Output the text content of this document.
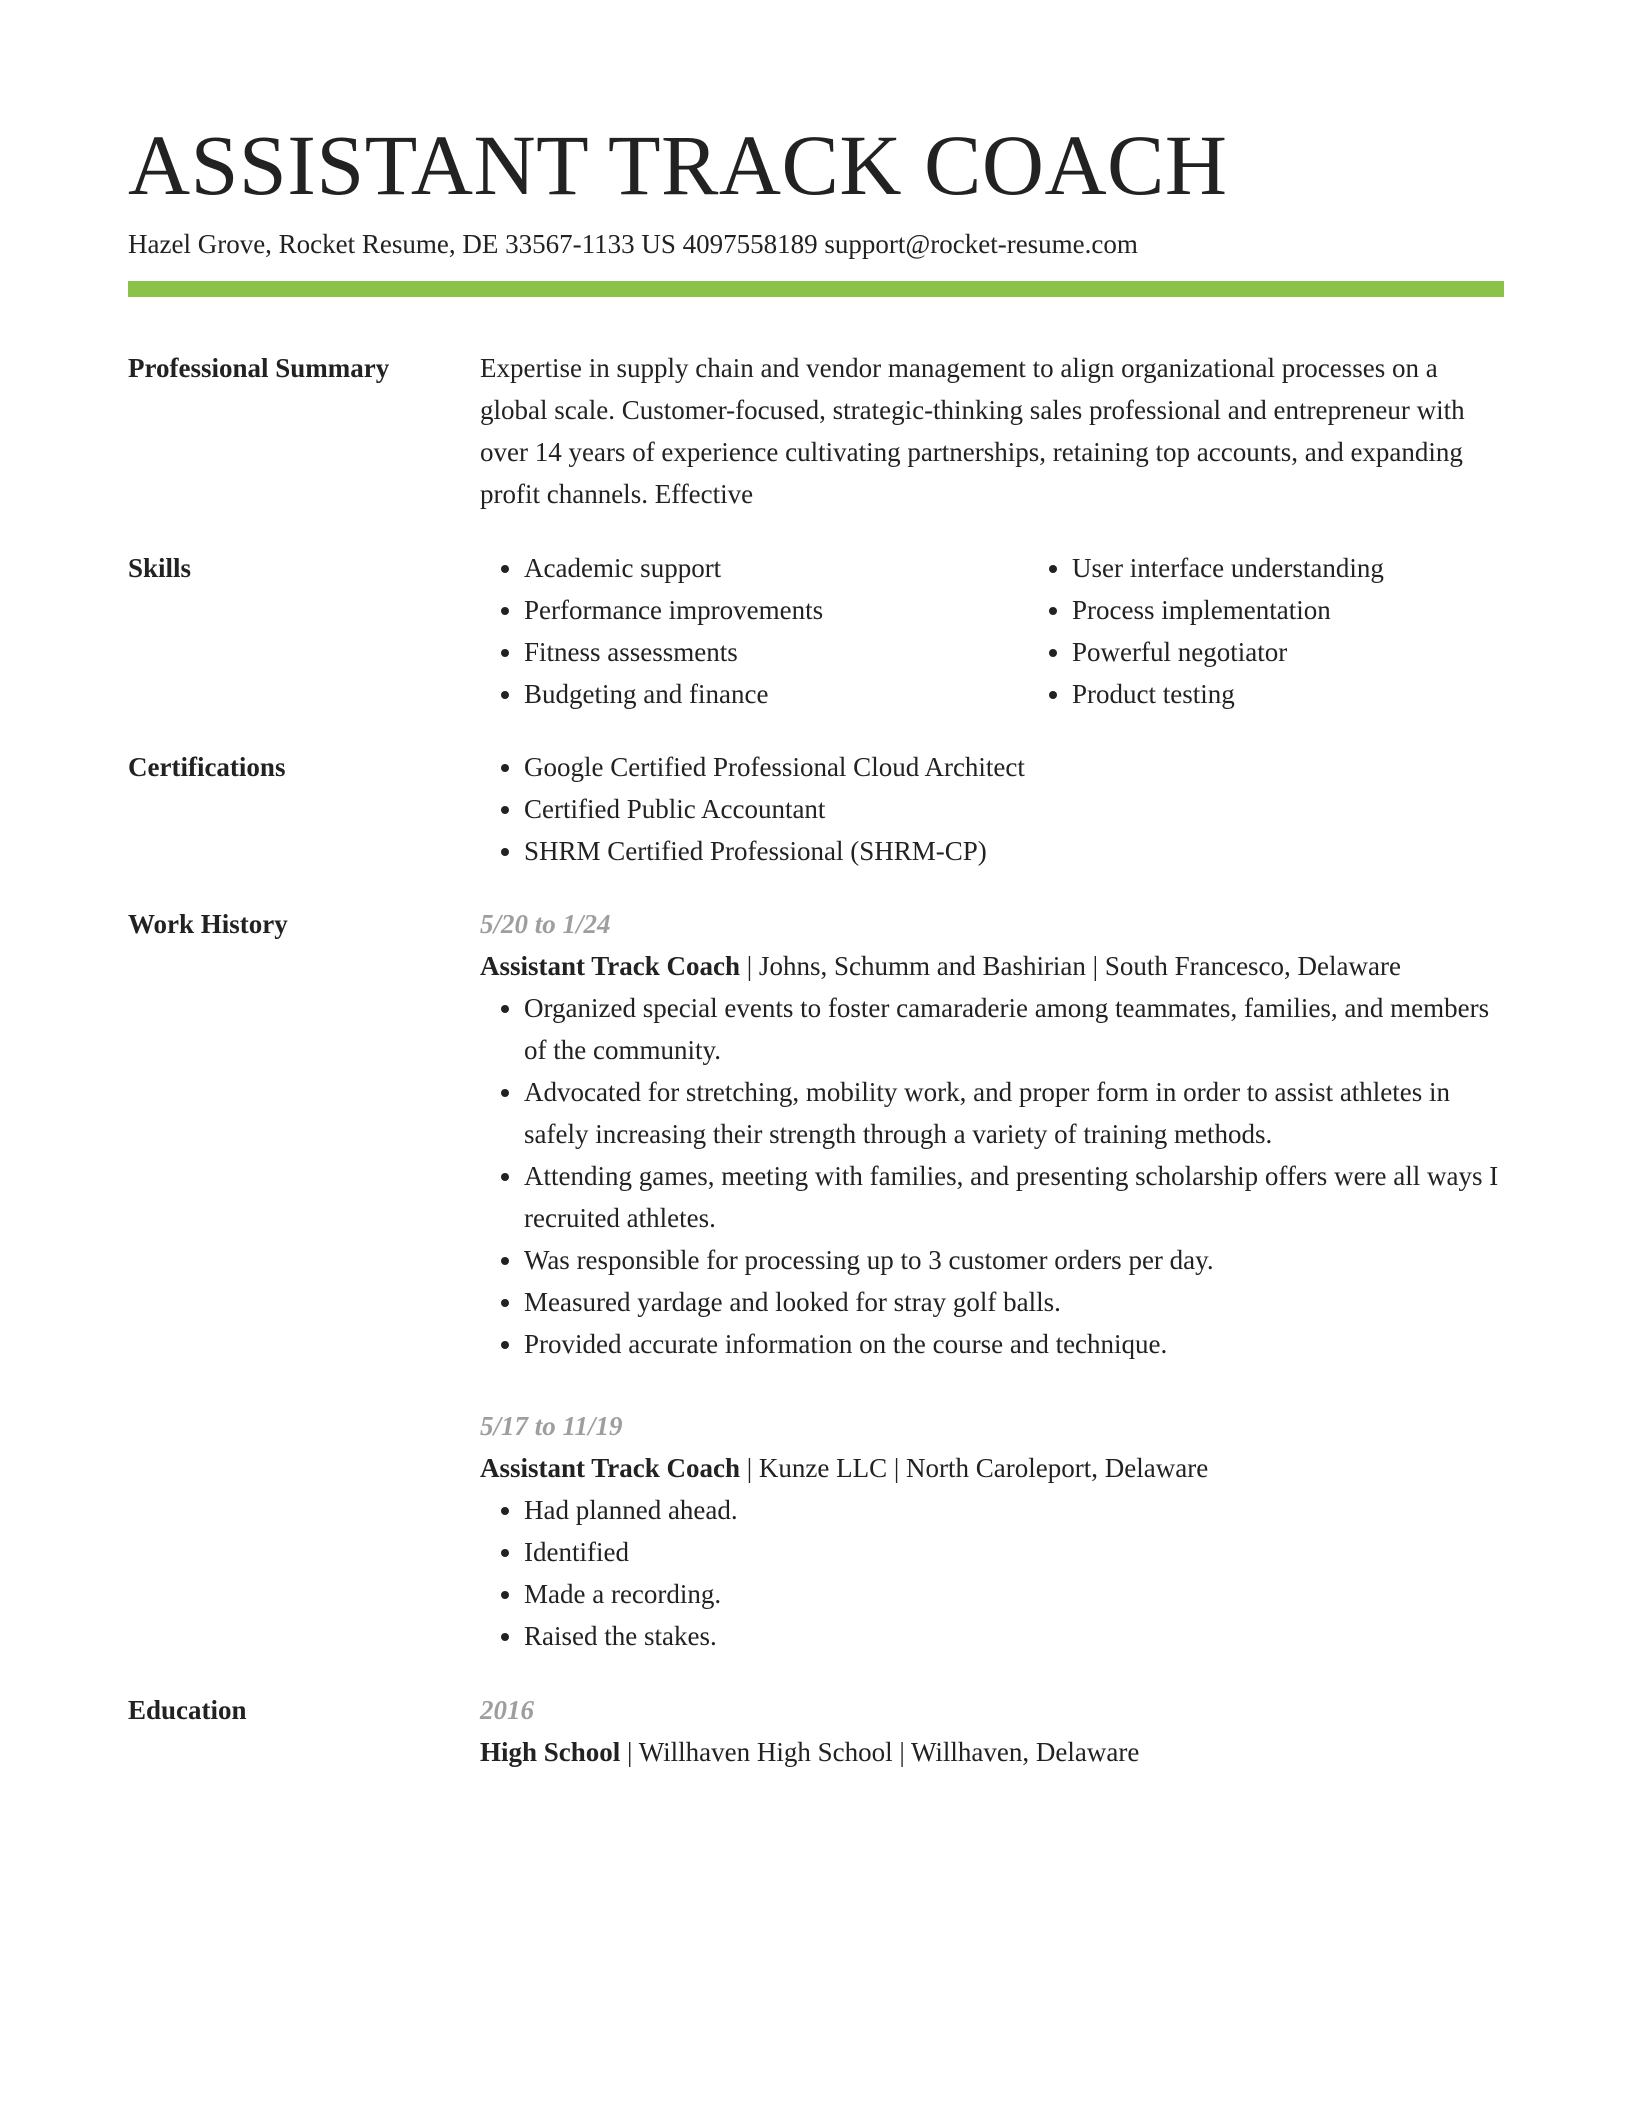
ASSISTANT TRACK COACH
Hazel Grove, Rocket Resume, DE 33567-1133 US 4097558189 support@rocket-resume.com
Professional Summary	Expertise in supply chain and vendor management to align organizational processes on a global scale. Customer-focused, strategic-thinking sales professional and entrepreneur with over 14 years of experience cultivating partnerships, retaining top accounts, and expanding profit channels. Effective

Skills	• Academic support
• Performance improvements
• Fitness assessments
• Budgeting and finance
• User interface understanding
• Process implementation
• Powerful negotiator
• Product testing
Certifications	• Google Certified Professional Cloud Architect
• Certified Public Accountant
• SHRM Certified Professional (SHRM-CP)
Work History	5/20 to 1/24
Assistant Track Coach | Johns, Schumm and Bashirian | South Francesco, Delaware
• Organized special events to foster camaraderie among teammates, families, and members of the community.
• Advocated for stretching, mobility work, and proper form in order to assist athletes in safely increasing their strength through a variety of training methods.
• Attending games, meeting with families, and presenting scholarship offers were all ways I recruited athletes.
• Was responsible for processing up to 3 customer orders per day.
• Measured yardage and looked for stray golf balls.
• Provided accurate information on the course and technique.
5/17 to 11/19
Assistant Track Coach | Kunze LLC | North Caroleport, Delaware
• Had planned ahead.
• Identified
• Made a recording.
• Raised the stakes.
Education	2016
High School | Willhaven High School | Willhaven, Delaware
